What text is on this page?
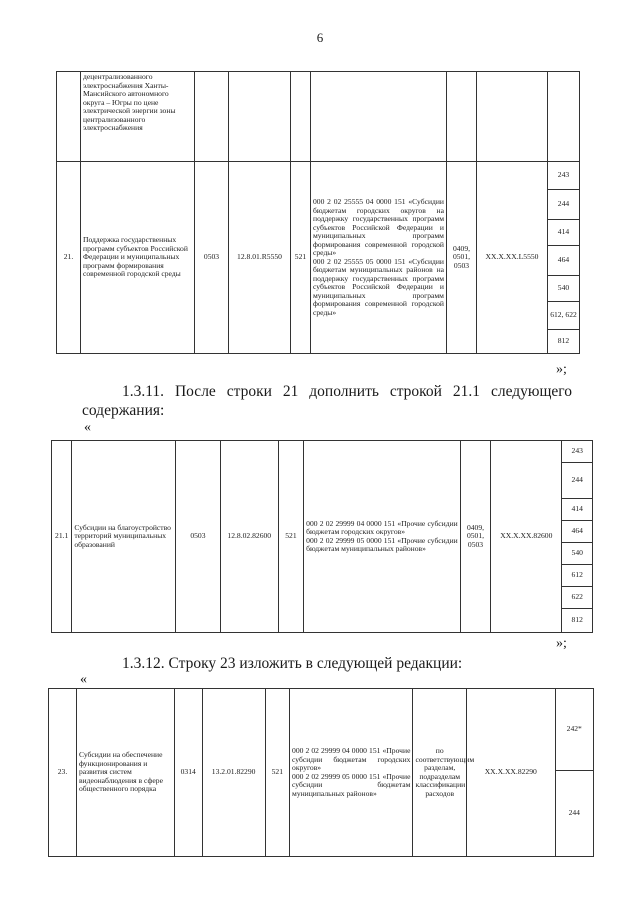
6
	децентрализованного электроснабжения Ханты-Мансийского автономного округа – Югры по цене электрической энергии зоны централизованного электроснабжения								
21.	Поддержка государственных программ субъектов Российской Федерации и муниципальных программ формирования современной городской среды	0503	12.8.01.R5550	521	000 2 02 25555 04 0000 151 «Субсидии бюджетам городских округов на поддержку государственных программ субъектов Российской Федерации и муниципальных программ формирования современной городской среды»
000 2 02 25555 05 0000 151 «Субсидии бюджетам муниципальных районов на поддержку государственных программ субъектов Российской Федерации и муниципальных программ формирования современной городской среды»	0409, 0501, 0503	XX.X.XX.L5550	243	
								244	
								414	
								464	
								540	
								612, 622	
								812	
»;
1.3.11. После строки 21 дополнить строкой 21.1 следующего содержания:
«
21.1	Субсидии на благоустройство территорий муниципальных образований	0503	12.8.02.82600	521	000 2 02 29999 04 0000 151 «Прочие субсидии бюджетам городских округов»
000 2 02 29999 05 0000 151 «Прочие субсидии бюджетам муниципальных районов»	0409, 0501, 0503	XX.X.XX.82600	243	
								244	
								414	
								464	
								540	
								612	
								622	
								812	
»;
1.3.12. Строку 23 изложить в следующей редакции:
«
23.	Субсидии на обеспечение функционирования и развития систем видеонаблюдения в сфере общественного порядка	0314	13.2.01.82290	521	000 2 02 29999 04 0000 151 «Прочие субсидии бюджетам городских округов»
000 2 02 29999 05 0000 151 «Прочие субсидии бюджетам муниципальных районов»	по соответствующим разделам, подразделам классификации расходов	XX.X.XX.82290	242*	
								244	
